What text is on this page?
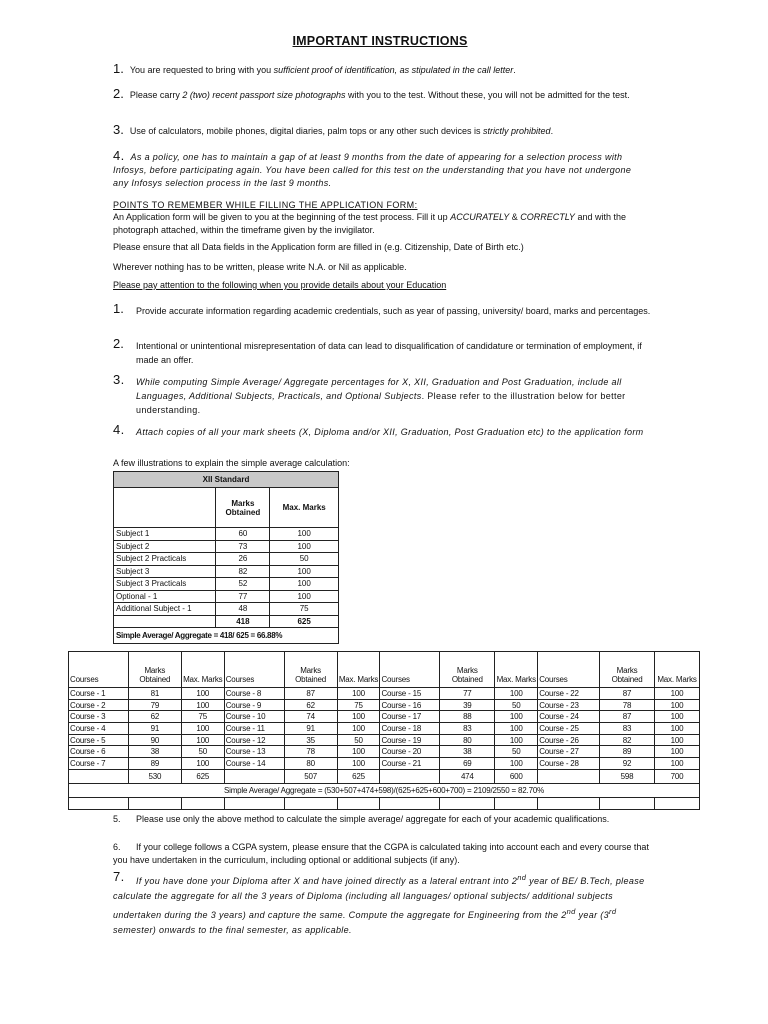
IMPORTANT INSTRUCTIONS
1. You are requested to bring with you sufficient proof of identification, as stipulated in the call letter.
2. Please carry 2 (two) recent passport size photographs with you to the test. Without these, you will not be admitted for the test.
3. Use of calculators, mobile phones, digital diaries, palm tops or any other such devices is strictly prohibited.
4. As a policy, one has to maintain a gap of at least 9 months from the date of appearing for a selection process with Infosys, before participating again. You have been called for this test on the understanding that you have not undergone any Infosys selection process in the last 9 months.
POINTS TO REMEMBER WHILE FILLING THE APPLICATION FORM:
An Application form will be given to you at the beginning of the test process. Fill it up ACCURATELY & CORRECTLY and with the photograph attached, within the timeframe given by the invigilator.
Please ensure that all Data fields in the Application form are filled in (e.g. Citizenship, Date of Birth etc.)
Wherever nothing has to be written, please write N.A. or Nil as applicable.
Please pay attention to the following when you provide details about your Education
1. Provide accurate information regarding academic credentials, such as year of passing, university/ board, marks and percentages.
2. Intentional or unintentional misrepresentation of data can lead to disqualification of candidature or termination of employment, if made an offer.
3. While computing Simple Average/ Aggregate percentages for X, XII, Graduation and Post Graduation, include all Languages, Additional Subjects, Practicals, and Optional Subjects. Please refer to the illustration below for better understanding.
4. Attach copies of all your mark sheets (X, Diploma and/or XII, Graduation, Post Graduation etc) to the application form
A few illustrations to explain the simple average calculation:
XII Standard		
	Marks Obtained	Max. Marks
Subject 1	60	100
Subject 2	73	100
Subject 2 Practicals	26	50
Subject 3	82	100
Subject 3 Practicals	52	100
Optional - 1	77	100
Additional Subject - 1	48	75
	418	625
Simple Average/ Aggregate = 418/ 625 = 66.88%		
Courses	Marks Obtained	Max. Marks	Courses	Marks Obtained	Max. Marks	Courses	Marks Obtained	Max. Marks	Courses	Marks Obtained	Max. Marks
Course - 1	81	100	Course - 8	87	100	Course - 15	77	100	Course - 22	87	100
Course - 2	79	100	Course - 9	62	75	Course - 16	39	50	Course - 23	78	100
Course - 3	62	75	Course - 10	74	100	Course - 17	88	100	Course - 24	87	100
Course - 4	91	100	Course - 11	91	100	Course - 18	83	100	Course - 25	83	100
Course - 5	90	100	Course - 12	35	50	Course - 19	80	100	Course - 26	82	100
Course - 6	38	50	Course - 13	78	100	Course - 20	38	50	Course - 27	89	100
Course - 7	89	100	Course - 14	80	100	Course - 21	69	100	Course - 28	92	100
	530	625		507	625		474	600		598	700
Simple Average/ Aggregate = (530+507+474+598)/(625+625+600+700) = 2109/2550 = 82.70%											

5.	Please use only the above method to calculate the simple average/ aggregate for each of your academic qualifications.
6.	If your college follows a CGPA system, please ensure that the CGPA is calculated taking into account each and every course that you have undertaken in the curriculum, including optional or additional subjects (if any).
7.	If you have done your Diploma after X and have joined directly as a lateral entrant into 2nd year of BE/ B.Tech, please calculate the aggregate for all the 3 years of Diploma (including all languages/ optional subjects/ additional subjects undertaken during the 3 years) and capture the same. Compute the aggregate for Engineering from the 2nd year (3rd semester) onwards to the final semester, as applicable.
